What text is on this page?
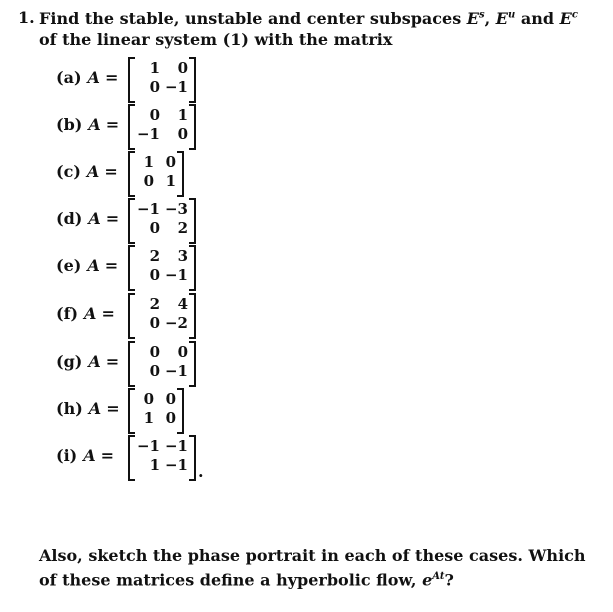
1. Find the stable, unstable and center subspaces $E^s$, $E^u$ and $E^c$ of the linear system (1) with the matrix
(a) A =	1	0
0 −1
(b) A =	0	1
−1	0
(c) A =	1 0
0 1
(d) A = −1 −3
0	2
(e) A =	2	3
0 −1
(f) A =	2	4
0 −2
(g) A =	0	0
0 −1
(h) A =	0 0
1 0
(i) A = −1 −1
1 −1 .
Also, sketch the phase portrait in each of these cases. Which of these matrices define a hyperbolic flow, $e^{At}$?
